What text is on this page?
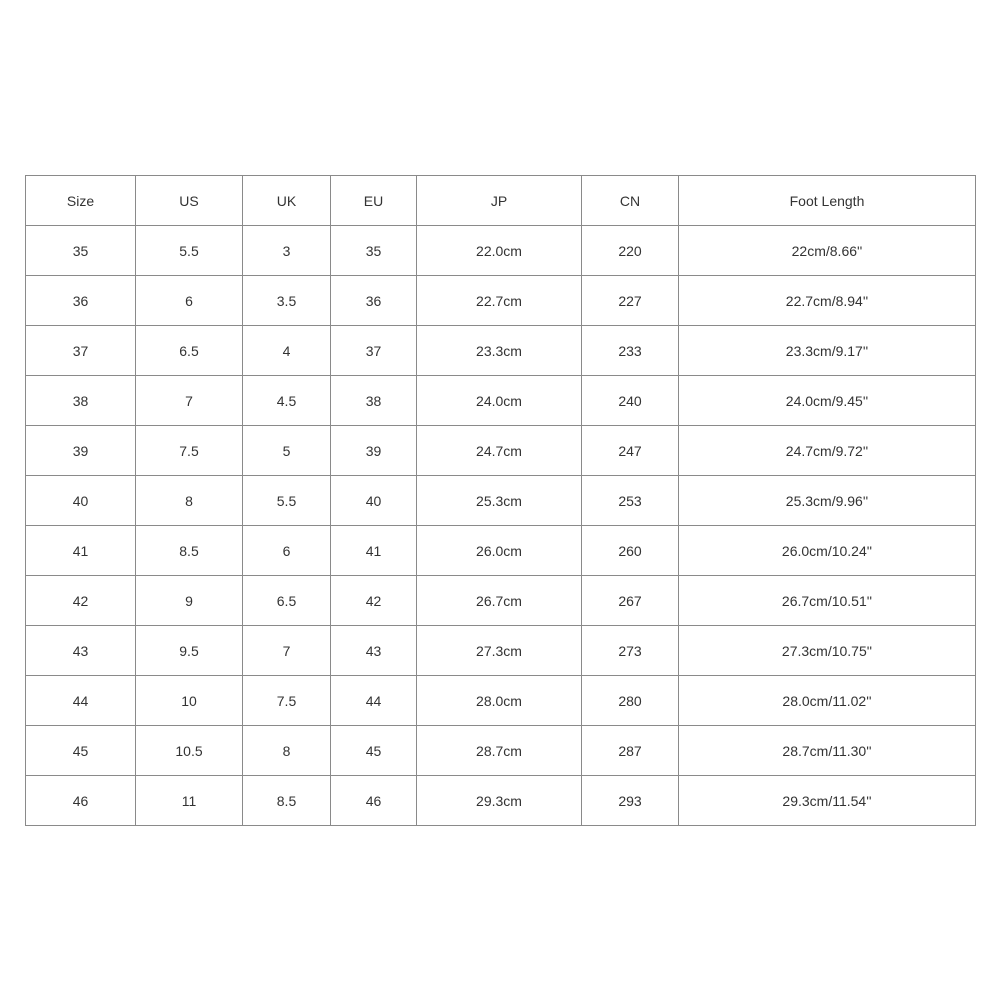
Size	US	UK	EU	JP	CN	Foot Length
35	5.5	3	35	22.0cm	220	22cm/8.66''
36	6	3.5	36	22.7cm	227	22.7cm/8.94''
37	6.5	4	37	23.3cm	233	23.3cm/9.17''
38	7	4.5	38	24.0cm	240	24.0cm/9.45''
39	7.5	5	39	24.7cm	247	24.7cm/9.72''
40	8	5.5	40	25.3cm	253	25.3cm/9.96''
41	8.5	6	41	26.0cm	260	26.0cm/10.24''
42	9	6.5	42	26.7cm	267	26.7cm/10.51''
43	9.5	7	43	27.3cm	273	27.3cm/10.75''
44	10	7.5	44	28.0cm	280	28.0cm/11.02''
45	10.5	8	45	28.7cm	287	28.7cm/11.30''
46	11	8.5	46	29.3cm	293	29.3cm/11.54''
